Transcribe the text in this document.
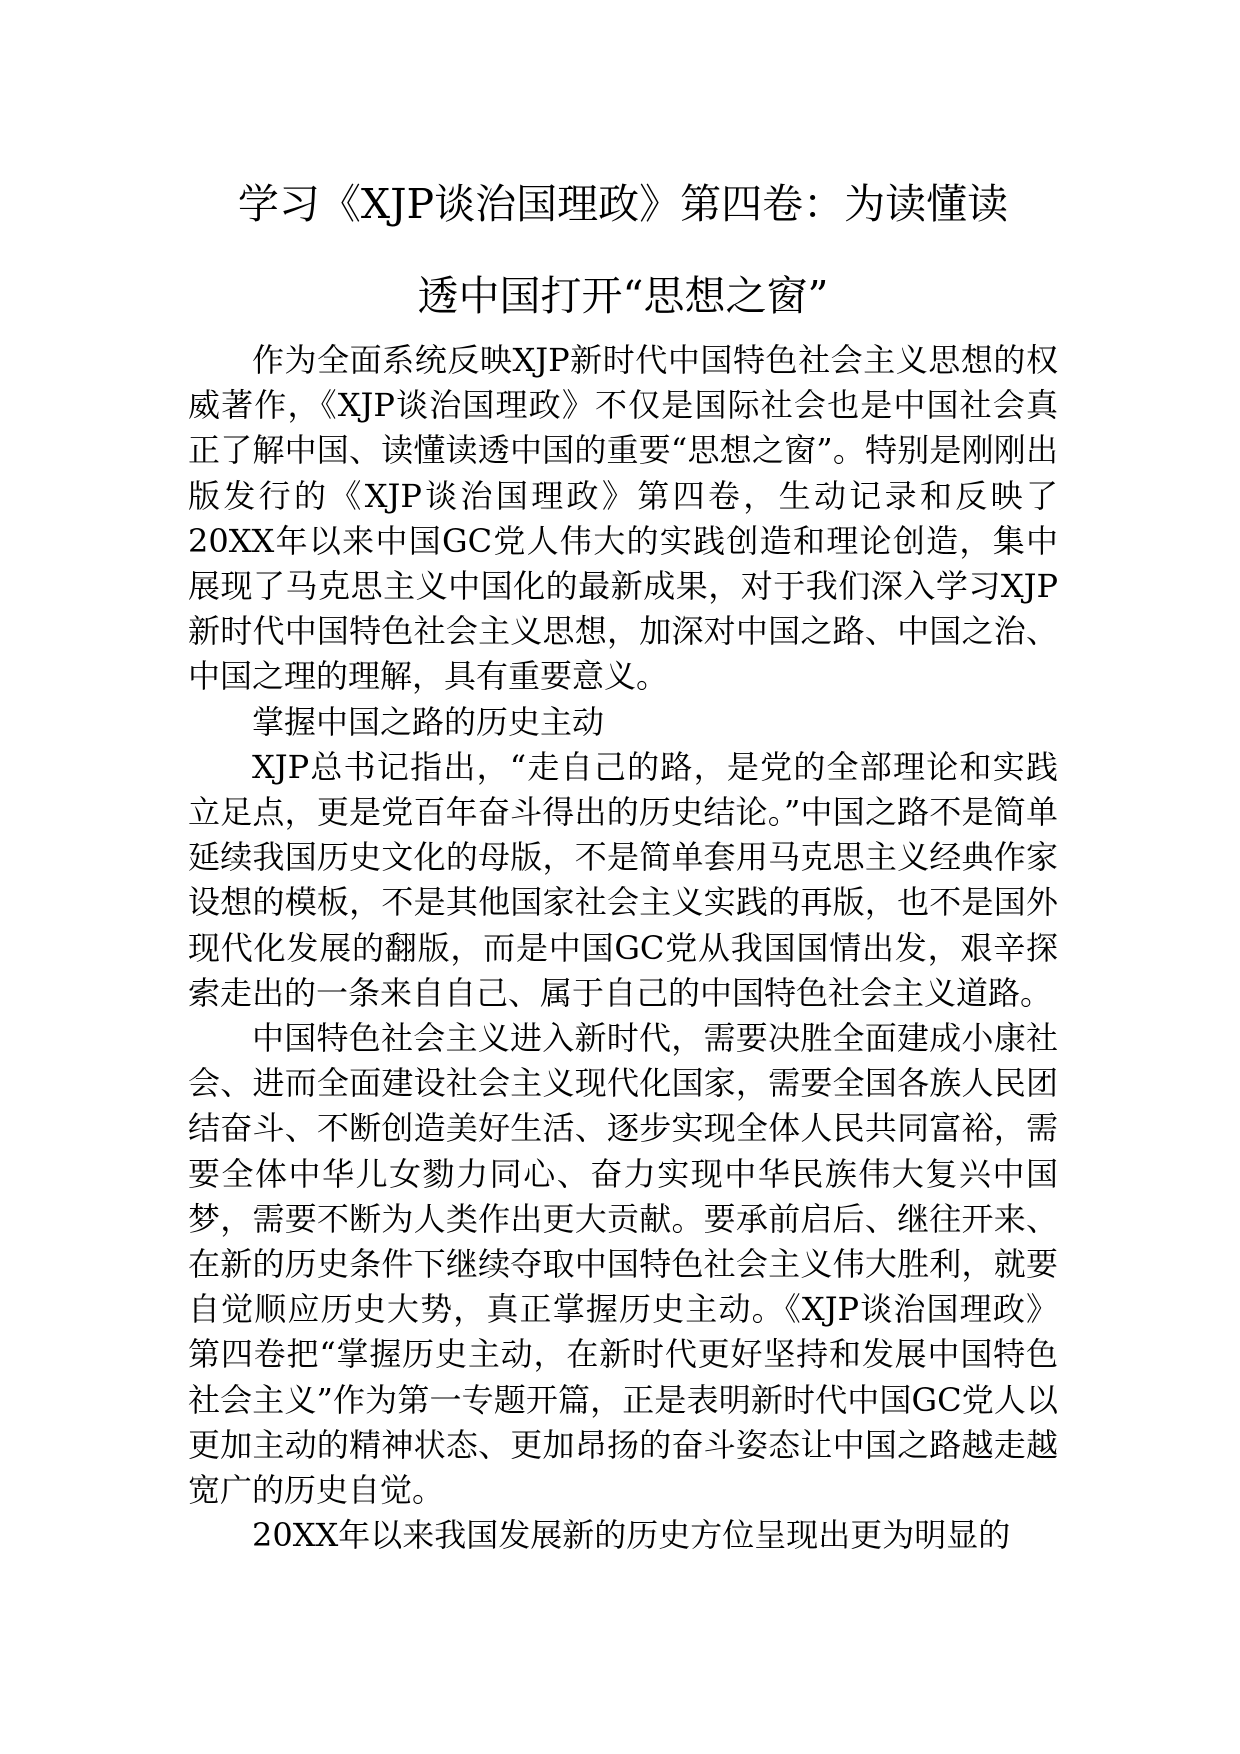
学习《XJP谈治国理政》第四卷：为读懂读
透中国打开“思想之窗”

作为全面系统反映XJP新时代中国特色社会主义思想的权威著作，《XJP谈治国理政》不仅是国际社会也是中国社会真正了解中国、读懂读透中国的重要“思想之窗”。特别是刚刚出版发行的《XJP谈治国理政》第四卷，生动记录和反映了20XX年以来中国GC党人伟大的实践创造和理论创造，集中展现了马克思主义中国化的最新成果，对于我们深入学习XJP新时代中国特色社会主义思想，加深对中国之路、中国之治、中国之理的理解，具有重要意义。

掌握中国之路的历史主动

XJP总书记指出，“走自己的路，是党的全部理论和实践立足点，更是党百年奋斗得出的历史结论。”中国之路不是简单延续我国历史文化的母版，不是简单套用马克思主义经典作家设想的模板，不是其他国家社会主义实践的再版，也不是国外现代化发展的翻版，而是中国GC党从我国国情出发，艰辛探索走出的一条来自自己、属于自己的中国特色社会主义道路。

中国特色社会主义进入新时代，需要决胜全面建成小康社会、进而全面建设社会主义现代化国家，需要全国各族人民团结奋斗、不断创造美好生活、逐步实现全体人民共同富裕，需要全体中华儿女勠力同心、奋力实现中华民族伟大复兴中国梦，需要不断为人类作出更大贡献。要承前启后、继往开来、在新的历史条件下继续夺取中国特色社会主义伟大胜利，就要自觉顺应历史大势，真正掌握历史主动。《XJP谈治国理政》第四卷把“掌握历史主动，在新时代更好坚持和发展中国特色社会主义”作为第一专题开篇，正是表明新时代中国GC党人以更加主动的精神状态、更加昂扬的奋斗姿态让中国之路越走越宽广的历史自觉。

20XX年以来我国发展新的历史方位呈现出更为明显的
